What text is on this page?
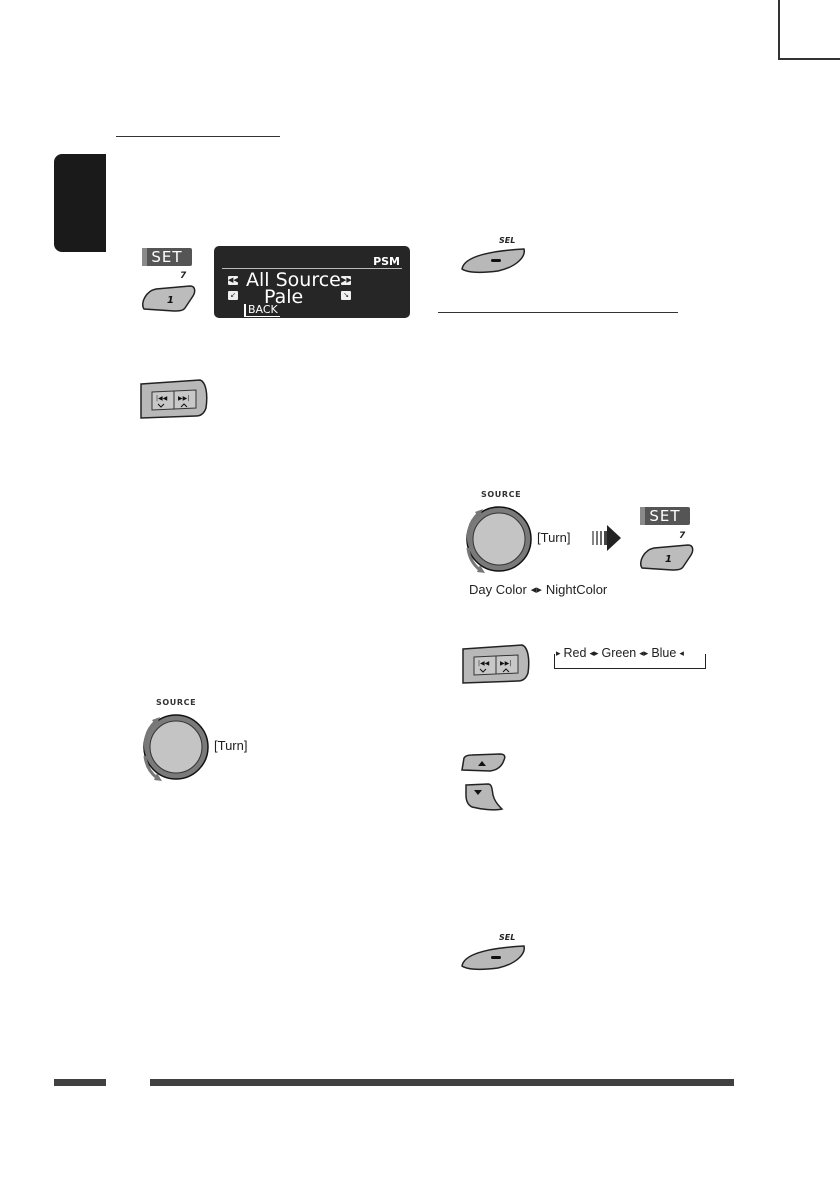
SET
7
1
PSM
◀◀	▶▶
↙	↘
All Source
Pale
BACK
|◀◀ ▶▶|
SOURCE
[Turn]
SEL
SOURCE
[Turn]
SET
7
1
Day Color ◂▸ NightColor
|◀◀ ▶▶|
▸ Red ◂▸ Green ◂▸ Blue ◂
SEL
